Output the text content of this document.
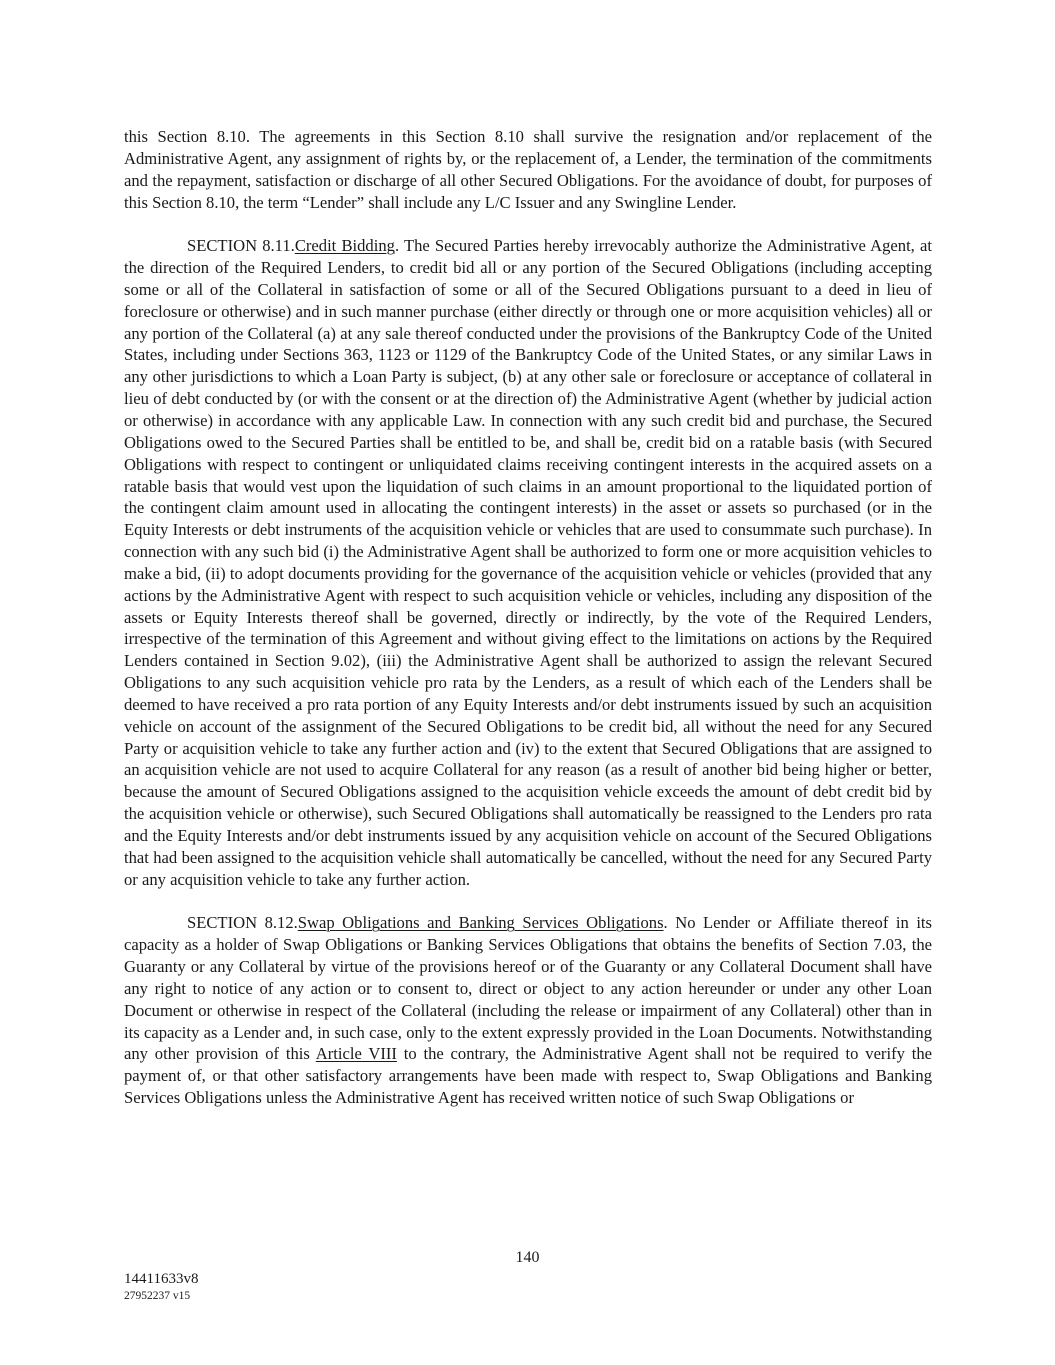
this Section 8.10. The agreements in this Section 8.10 shall survive the resignation and/or replacement of the Administrative Agent, any assignment of rights by, or the replacement of, a Lender, the termination of the commitments and the repayment, satisfaction or discharge of all other Secured Obligations. For the avoidance of doubt, for purposes of this Section 8.10, the term “Lender” shall include any L/C Issuer and any Swingline Lender.

SECTION 8.11.Credit Bidding. The Secured Parties hereby irrevocably authorize the Administrative Agent, at the direction of the Required Lenders, to credit bid all or any portion of the Secured Obligations (including accepting some or all of the Collateral in satisfaction of some or all of the Secured Obligations pursuant to a deed in lieu of foreclosure or otherwise) and in such manner purchase (either directly or through one or more acquisition vehicles) all or any portion of the Collateral (a) at any sale thereof conducted under the provisions of the Bankruptcy Code of the United States, including under Sections 363, 1123 or 1129 of the Bankruptcy Code of the United States, or any similar Laws in any other jurisdictions to which a Loan Party is subject, (b) at any other sale or foreclosure or acceptance of collateral in lieu of debt conducted by (or with the consent or at the direction of) the Administrative Agent (whether by judicial action or otherwise) in accordance with any applicable Law. In connection with any such credit bid and purchase, the Secured Obligations owed to the Secured Parties shall be entitled to be, and shall be, credit bid on a ratable basis (with Secured Obligations with respect to contingent or unliquidated claims receiving contingent interests in the acquired assets on a ratable basis that would vest upon the liquidation of such claims in an amount proportional to the liquidated portion of the contingent claim amount used in allocating the contingent interests) in the asset or assets so purchased (or in the Equity Interests or debt instruments of the acquisition vehicle or vehicles that are used to consummate such purchase). In connection with any such bid (i) the Administrative Agent shall be authorized to form one or more acquisition vehicles to make a bid, (ii) to adopt documents providing for the governance of the acquisition vehicle or vehicles (provided that any actions by the Administrative Agent with respect to such acquisition vehicle or vehicles, including any disposition of the assets or Equity Interests thereof shall be governed, directly or indirectly, by the vote of the Required Lenders, irrespective of the termination of this Agreement and without giving effect to the limitations on actions by the Required Lenders contained in Section 9.02), (iii) the Administrative Agent shall be authorized to assign the relevant Secured Obligations to any such acquisition vehicle pro rata by the Lenders, as a result of which each of the Lenders shall be deemed to have received a pro rata portion of any Equity Interests and/or debt instruments issued by such an acquisition vehicle on account of the assignment of the Secured Obligations to be credit bid, all without the need for any Secured Party or acquisition vehicle to take any further action and (iv) to the extent that Secured Obligations that are assigned to an acquisition vehicle are not used to acquire Collateral for any reason (as a result of another bid being higher or better, because the amount of Secured Obligations assigned to the acquisition vehicle exceeds the amount of debt credit bid by the acquisition vehicle or otherwise), such Secured Obligations shall automatically be reassigned to the Lenders pro rata and the Equity Interests and/or debt instruments issued by any acquisition vehicle on account of the Secured Obligations that had been assigned to the acquisition vehicle shall automatically be cancelled, without the need for any Secured Party or any acquisition vehicle to take any further action.

SECTION 8.12.Swap Obligations and Banking Services Obligations. No Lender or Affiliate thereof in its capacity as a holder of Swap Obligations or Banking Services Obligations that obtains the benefits of Section 7.03, the Guaranty or any Collateral by virtue of the provisions hereof or of the Guaranty or any Collateral Document shall have any right to notice of any action or to consent to, direct or object to any action hereunder or under any other Loan Document or otherwise in respect of the Collateral (including the release or impairment of any Collateral) other than in its capacity as a Lender and, in such case, only to the extent expressly provided in the Loan Documents. Notwithstanding any other provision of this Article VIII to the contrary, the Administrative Agent shall not be required to verify the payment of, or that other satisfactory arrangements have been made with respect to, Swap Obligations and Banking Services Obligations unless the Administrative Agent has received written notice of such Swap Obligations or

140
14411633v8
27952237 v15
